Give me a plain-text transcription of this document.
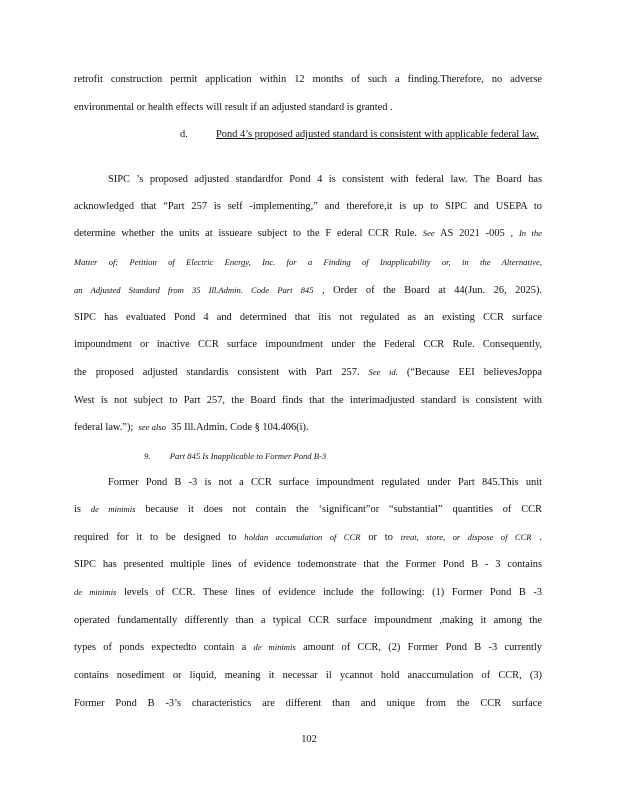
retrofit construction permit application within 12 months of such a finding.Therefore, no adverse
environmental or health effects will result if an adjusted standard is granted .
d.	Pond 4’s proposed adjusted standard is consistent with applicable federal law.
SIPC ’s proposed adjusted standardfor Pond 4 is consistent with federal law. The Board has
acknowledged that “Part 257 is self -implementing,” and therefore,it is up to SIPC and USEPA to
determine whether the units at issueare subject to the F ederal CCR Rule. See AS 2021 -005 , In the
Matter of: Petition of Electric Energy, Inc. for a Finding of Inapplicability or, in the Alternative,
an Adjusted Standard from 35 Ill.Admin. Code Part 845 , Order of the Board at 44(Jun. 26, 2025).
SIPC has evaluated Pond 4 and determined that itis not regulated as an existing CCR surface
impoundment or inactive CCR surface impoundment under the Federal CCR Rule. Consequently,
the proposed adjusted standardis consistent with Part 257. See id. (“Because EEI believesJoppa
West is not subject to Part 257, the Board finds that the interimadjusted standard is consistent with
federal law.”); see also 35 Ill.Admin. Code § 104.406(i).
9. Part 845 Is Inapplicable to Former Pond B-3
Former Pond B -3 is not a CCR surface impoundment regulated under Part 845.This unit
is de minimis because it does not contain the ‘significant”or “substantial” quantities of CCR
required for it to be designed to holdan accumulation of CCR or to treat, store, or dispose of CCR .
SIPC has presented multiple lines of evidence todemonstrate that the Former Pond B - 3 contains
de minimis levels of CCR. These lines of evidence include the following: (1) Former Pond B -3
operated fundamentally differently than a typical CCR surface impoundment ,making it among the
types of ponds expectedto contain a de minimis amount of CCR, (2) Former Pond B -3 currently
contains nosediment or liquid, meaning it necessar il ycannot hold anaccumulation of CCR, (3)
Former Pond B -3’s characteristics are different than and unique from the CCR surface
102
